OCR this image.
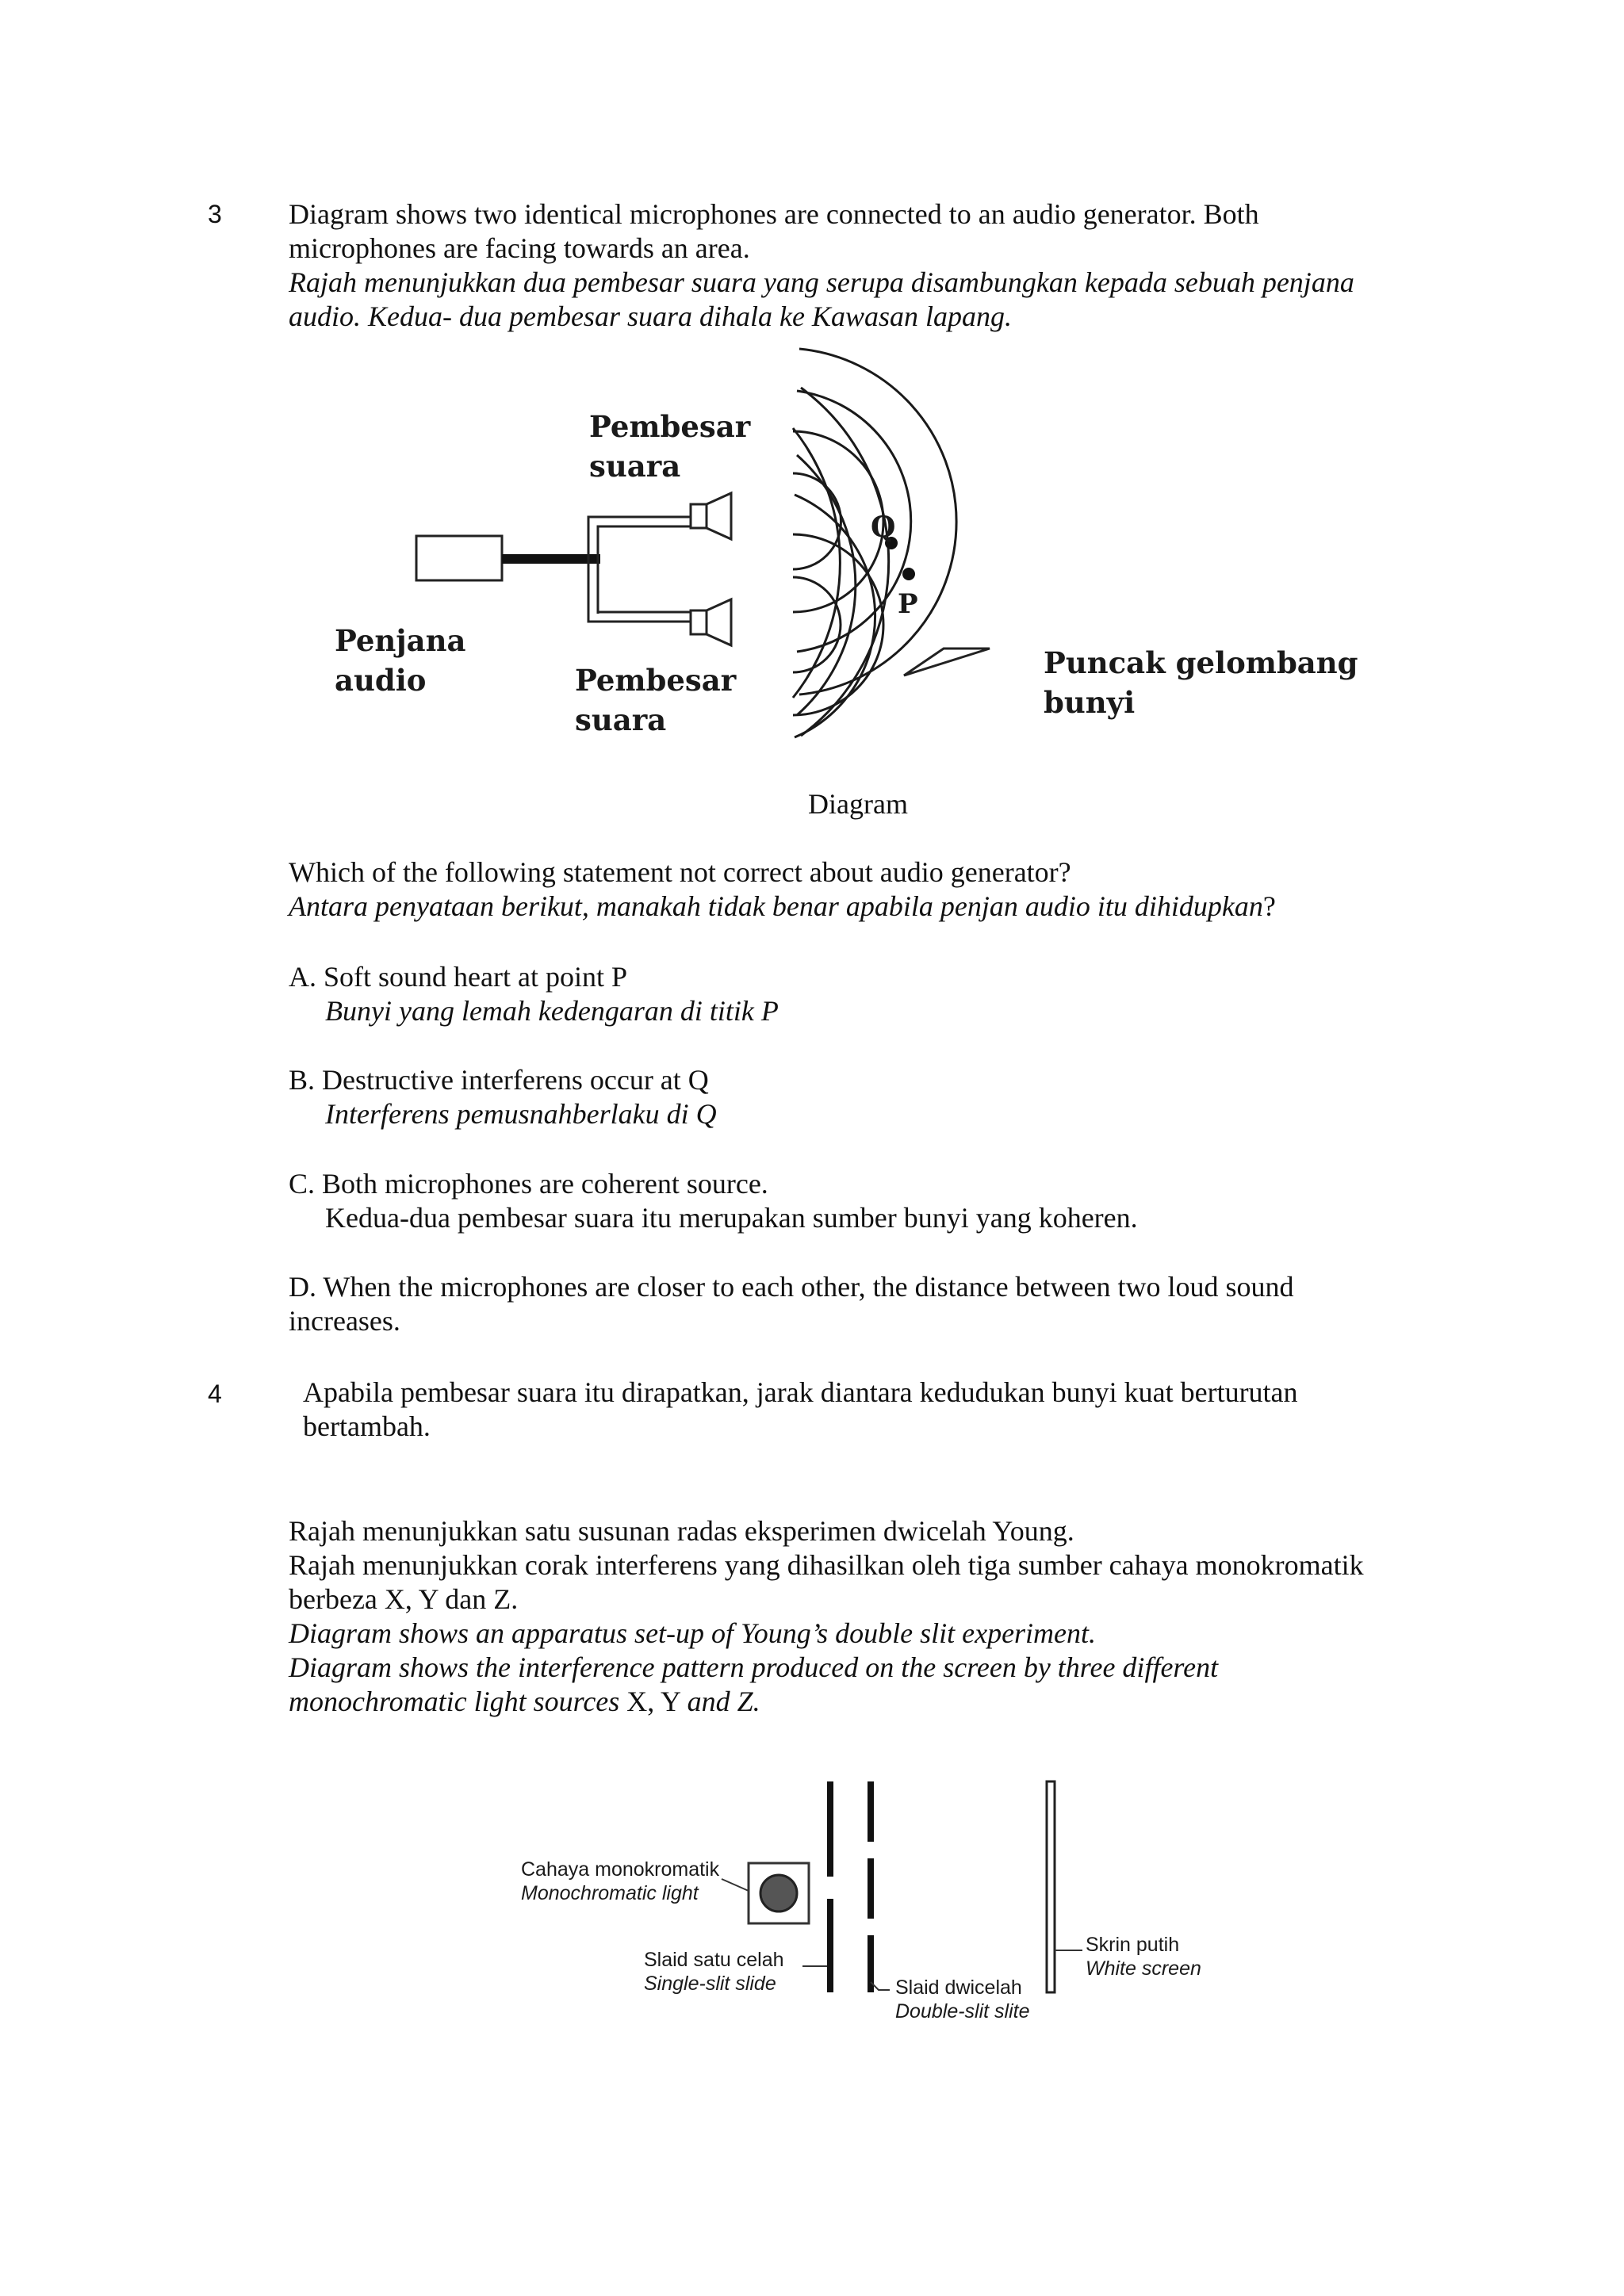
3 Diagram shows two identical microphones are connected to an audio generator. Both
microphones are facing towards an area.
Rajah menunjukkan dua pembesar suara yang serupa disambungkan kepada sebuah penjana
audio. Kedua- dua pembesar suara dihala ke Kawasan lapang.
Pembesar
suara
Penjana
audio	Pembesar
suara
Puncak gelombang
bunyi
Q
P
Diagram
Which of the following statement not correct about audio generator?
Antara penyataan berikut, manakah tidak benar apabila penjan audio itu dihidupkan?
A. Soft sound heart at point P
Bunyi yang lemah kedengaran di titik P
B. Destructive interferens occur at Q
Interferens pemusnahberlaku di Q
C. Both microphones are coherent source.
Kedua-dua pembesar suara itu merupakan sumber bunyi yang koheren.
D. When the microphones are closer to each other, the distance between two loud sound
increases.
4	Apabila pembesar suara itu dirapatkan, jarak diantara kedudukan bunyi kuat berturutan
bertambah.
Rajah menunjukkan satu susunan radas eksperimen dwicelah Young.
Rajah menunjukkan corak interferens yang dihasilkan oleh tiga sumber cahaya monokromatik
berbeza X, Y dan Z.
Diagram shows an apparatus set-up of Young’s double slit experiment.
Diagram shows the interference pattern produced on the screen by three different
monochromatic light sources X, Y and Z.
Cahaya monokromatik
Monochromatic light
Slaid satu celah
Single-slit slide	Slaid dwicelah
Double-slit slite
Skrin putih
White screen
